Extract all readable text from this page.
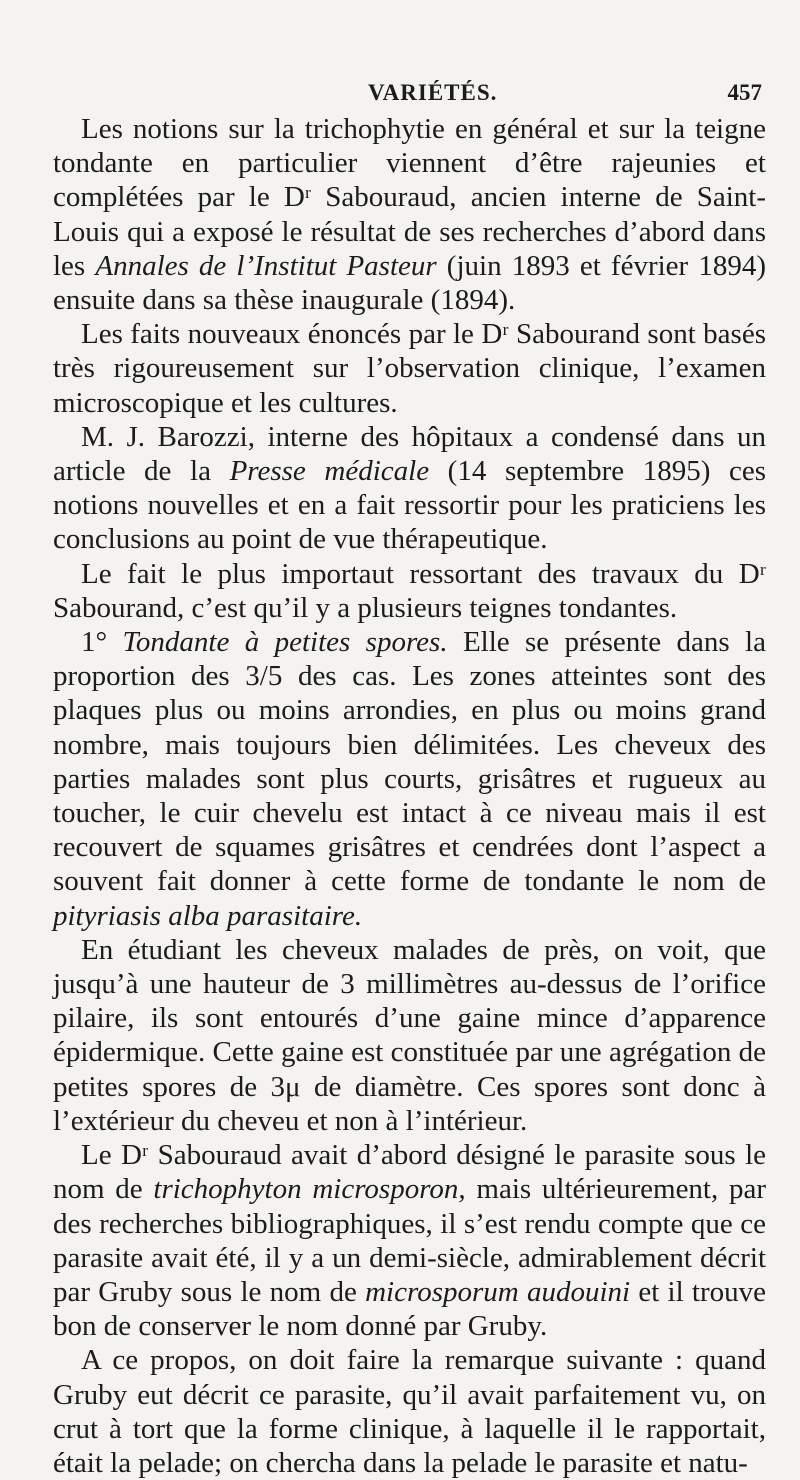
VARIÉTÉS.	457

Les notions sur la trichophytie en général et sur la teigne tondante en particulier viennent d’être rajeunies et complétées par le Dʳ Sabouraud, ancien interne de Saint-Louis qui a exposé le résultat de ses recherches d’abord dans les Annales de l’Institut Pasteur (juin 1893 et février 1894) ensuite dans sa thèse inaugurale (1894).

Les faits nouveaux énoncés par le Dʳ Sabourand sont basés très rigoureusement sur l’observation clinique, l’examen microscopique et les cultures.

M. J. Barozzi, interne des hôpitaux a condensé dans un article de la Presse médicale (14 septembre 1895) ces notions nouvelles et en a fait ressortir pour les praticiens les conclusions au point de vue thérapeutique.

Le fait le plus importaut ressortant des travaux du Dʳ Sabourand, c’est qu’il y a plusieurs teignes tondantes.

1° Tondante à petites spores. Elle se présente dans la proportion des 3/5 des cas. Les zones atteintes sont des plaques plus ou moins arrondies, en plus ou moins grand nombre, mais toujours bien délimitées. Les cheveux des parties malades sont plus courts, grisâtres et rugueux au toucher, le cuir chevelu est intact à ce niveau mais il est recouvert de squames grisâtres et cendrées dont l’aspect a souvent fait donner à cette forme de tondante le nom de pityriasis alba parasitaire.

En étudiant les cheveux malades de près, on voit, que jusqu’à une hauteur de 3 millimètres au-dessus de l’orifice pilaire, ils sont entourés d’une gaine mince d’apparence épidermique. Cette gaine est constituée par une agrégation de petites spores de 3μ de diamètre. Ces spores sont donc à l’extérieur du cheveu et non à l’intérieur.

Le Dʳ Sabouraud avait d’abord désigné le parasite sous le nom de trichophyton microsporon, mais ultérieurement, par des recherches bibliographiques, il s’est rendu compte que ce parasite avait été, il y a un demi-siècle, admirablement décrit par Gruby sous le nom de microsporum audouini et il trouve bon de conserver le nom donné par Gruby.

A ce propos, on doit faire la remarque suivante : quand Gruby eut décrit ce parasite, qu’il avait parfaitement vu, on crut à tort que la forme clinique, à laquelle il le rapportait, était la pelade; on chercha dans la pelade le parasite et natu-
